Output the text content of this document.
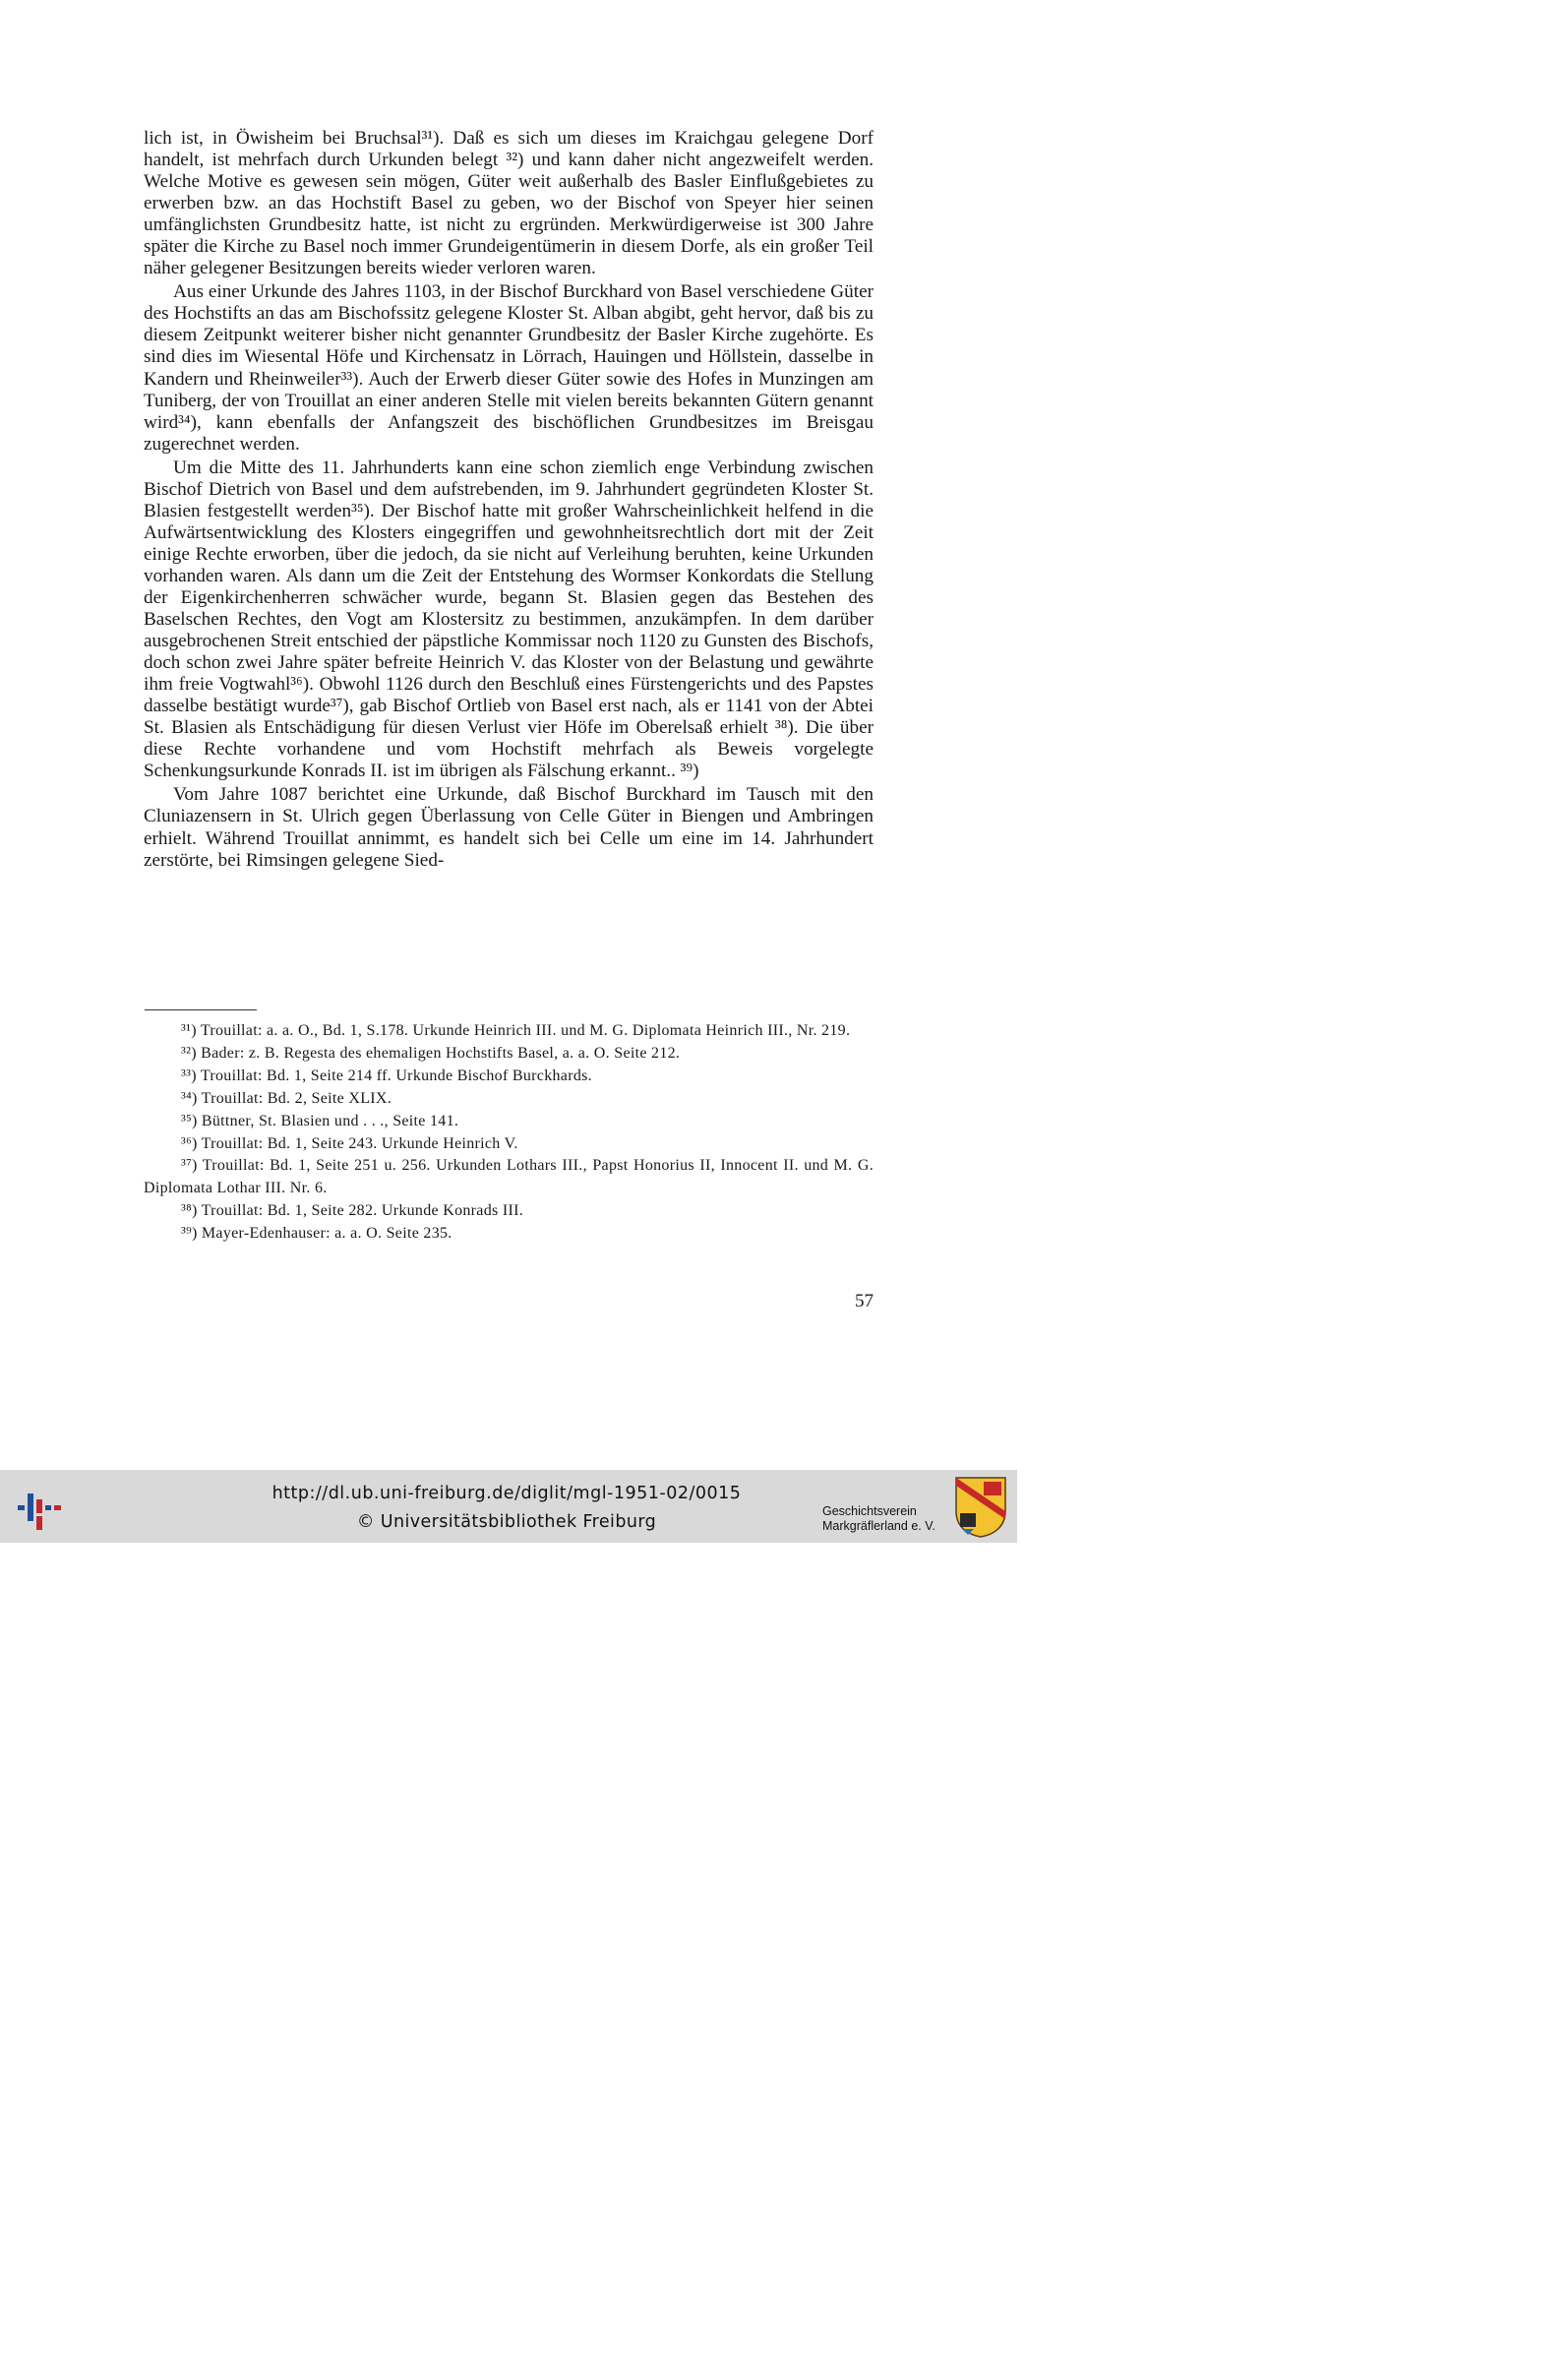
lich ist, in Öwisheim bei Bruchsal³¹). Daß es sich um dieses im Kraichgau gelegene Dorf handelt, ist mehrfach durch Urkunden belegt ³²) und kann daher nicht angezweifelt werden. Welche Motive es gewesen sein mögen, Güter weit außerhalb des Basler Einflußgebietes zu erwerben bzw. an das Hochstift Basel zu geben, wo der Bischof von Speyer hier seinen umfänglichsten Grundbesitz hatte, ist nicht zu ergründen. Merkwürdigerweise ist 300 Jahre später die Kirche zu Basel noch immer Grundeigentümerin in diesem Dorfe, als ein großer Teil näher gelegener Besitzungen bereits wieder verloren waren.

Aus einer Urkunde des Jahres 1103, in der Bischof Burckhard von Basel verschiedene Güter des Hochstifts an das am Bischofssitz gelegene Kloster St. Alban abgibt, geht hervor, daß bis zu diesem Zeitpunkt weiterer bisher nicht genannter Grundbesitz der Basler Kirche zugehörte. Es sind dies im Wiesental Höfe und Kirchensatz in Lörrach, Hauingen und Höllstein, dasselbe in Kandern und Rheinweiler³³). Auch der Erwerb dieser Güter sowie des Hofes in Munzingen am Tuniberg, der von Trouillat an einer anderen Stelle mit vielen bereits bekannten Gütern genannt wird³⁴), kann ebenfalls der Anfangszeit des bischöflichen Grundbesitzes im Breisgau zugerechnet werden.

Um die Mitte des 11. Jahrhunderts kann eine schon ziemlich enge Verbindung zwischen Bischof Dietrich von Basel und dem aufstrebenden, im 9. Jahrhundert gegründeten Kloster St. Blasien festgestellt werden³⁵). Der Bischof hatte mit großer Wahrscheinlichkeit helfend in die Aufwärtsentwicklung des Klosters eingegriffen und gewohnheitsrechtlich dort mit der Zeit einige Rechte erworben, über die jedoch, da sie nicht auf Verleihung beruhten, keine Urkunden vorhanden waren. Als dann um die Zeit der Entstehung des Wormser Konkordats die Stellung der Eigenkirchenherren schwächer wurde, begann St. Blasien gegen das Bestehen des Baselschen Rechtes, den Vogt am Klostersitz zu bestimmen, anzukämpfen. In dem darüber ausgebrochenen Streit entschied der päpstliche Kommissar noch 1120 zu Gunsten des Bischofs, doch schon zwei Jahre später befreite Heinrich V. das Kloster von der Belastung und gewährte ihm freie Vogtwahl³⁶). Obwohl 1126 durch den Beschluß eines Fürstengerichts und des Papstes dasselbe bestätigt wurde³⁷), gab Bischof Ortlieb von Basel erst nach, als er 1141 von der Abtei St. Blasien als Entschädigung für diesen Verlust vier Höfe im Oberelsaß erhielt ³⁸). Die über diese Rechte vorhandene und vom Hochstift mehrfach als Beweis vorgelegte Schenkungsurkunde Konrads II. ist im übrigen als Fälschung erkannt.. ³⁹)

Vom Jahre 1087 berichtet eine Urkunde, daß Bischof Burckhard im Tausch mit den Cluniazensern in St. Ulrich gegen Überlassung von Celle Güter in Biengen und Ambringen erhielt. Während Trouillat annimmt, es handelt sich bei Celle um eine im 14. Jahrhundert zerstörte, bei Rimsingen gelegene Sied-

³¹) Trouillat: a. a. O., Bd. 1, S.178. Urkunde Heinrich III. und M. G. Diplomata Heinrich III., Nr. 219.

³²) Bader: z. B. Regesta des ehemaligen Hochstifts Basel, a. a. O. Seite 212.

³³) Trouillat: Bd. 1, Seite 214 ff. Urkunde Bischof Burckhards.

³⁴) Trouillat: Bd. 2, Seite XLIX.

³⁵) Büttner, St. Blasien und . . ., Seite 141.

³⁶) Trouillat: Bd. 1, Seite 243. Urkunde Heinrich V.

³⁷) Trouillat: Bd. 1, Seite 251 u. 256. Urkunden Lothars III., Papst Honorius II, Innocent II. und M. G. Diplomata Lothar III. Nr. 6.

³⁸) Trouillat: Bd. 1, Seite 282. Urkunde Konrads III.

³⁹) Mayer-Edenhauser: a. a. O. Seite 235.

57
http://dl.ub.uni-freiburg.de/diglit/mgl-1951-02/0015
© Universitätsbibliothek Freiburg
Geschichtsverein
Markgräflerland e. V.
